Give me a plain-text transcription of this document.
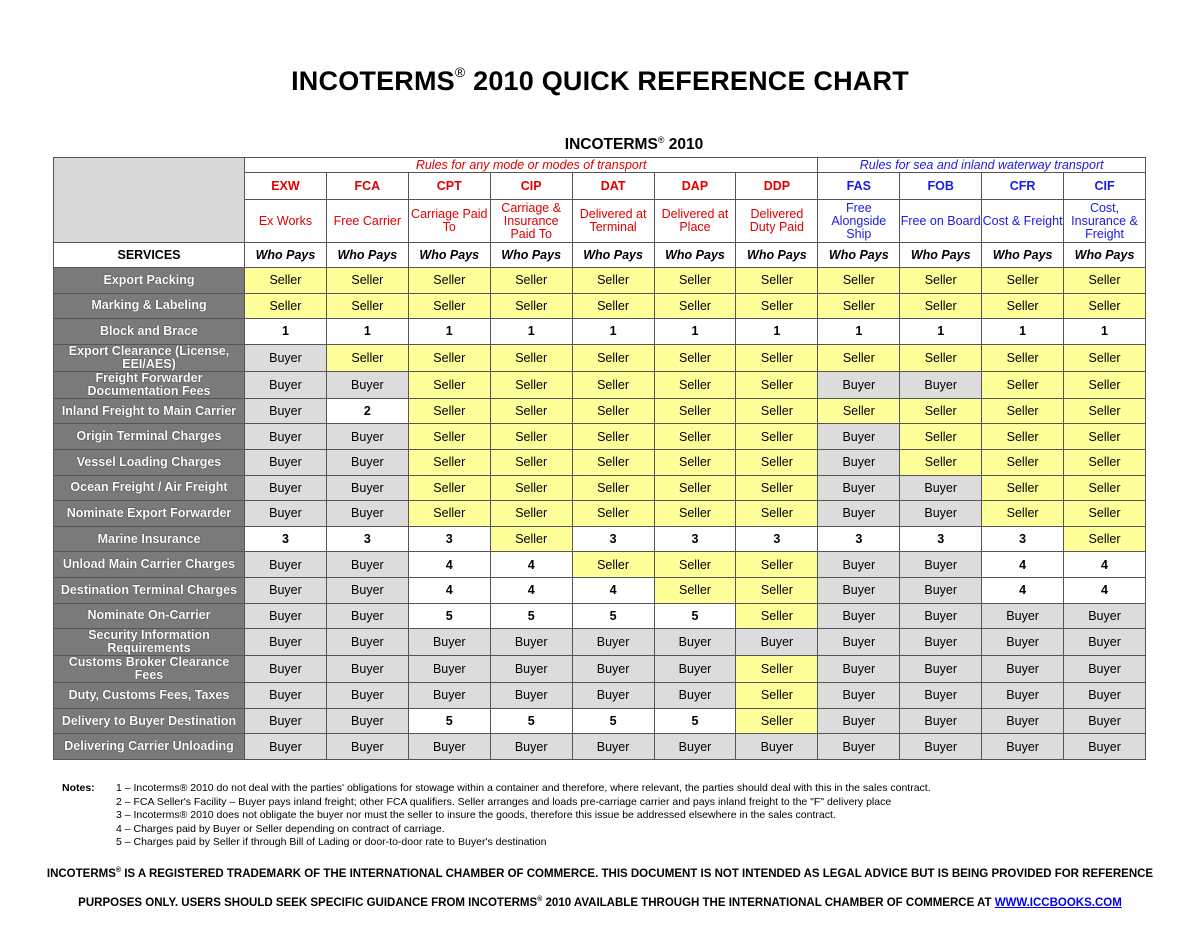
INCOTERMS® 2010 QUICK REFERENCE CHART
INCOTERMS® 2010
	Rules for any mode or modes of transport							Rules for sea and inland waterway transport			
	EXW	FCA	CPT	CIP	DAT	DAP	DDP	FAS	FOB	CFR	CIF
	Ex Works	Free Carrier	Carriage Paid To	Carriage & Insurance Paid To	Delivered at Terminal	Delivered at Place	Delivered Duty Paid	Free Alongside Ship	Free on Board	Cost & Freight	Cost, Insurance & Freight
SERVICES	Who Pays	Who Pays	Who Pays	Who Pays	Who Pays	Who Pays	Who Pays	Who Pays	Who Pays	Who Pays	Who Pays
Export Packing	Seller	Seller	Seller	Seller	Seller	Seller	Seller	Seller	Seller	Seller	Seller
Marking & Labeling	Seller	Seller	Seller	Seller	Seller	Seller	Seller	Seller	Seller	Seller	Seller
Block and Brace	1	1	1	1	1	1	1	1	1	1	1
Export Clearance (License, EEI/AES)	Buyer	Seller	Seller	Seller	Seller	Seller	Seller	Seller	Seller	Seller	Seller
Freight Forwarder Documentation Fees	Buyer	Buyer	Seller	Seller	Seller	Seller	Seller	Buyer	Buyer	Seller	Seller
Inland Freight to Main Carrier	Buyer	2	Seller	Seller	Seller	Seller	Seller	Seller	Seller	Seller	Seller
Origin Terminal Charges	Buyer	Buyer	Seller	Seller	Seller	Seller	Seller	Buyer	Seller	Seller	Seller
Vessel Loading Charges	Buyer	Buyer	Seller	Seller	Seller	Seller	Seller	Buyer	Seller	Seller	Seller
Ocean Freight / Air Freight	Buyer	Buyer	Seller	Seller	Seller	Seller	Seller	Buyer	Buyer	Seller	Seller
Nominate Export Forwarder	Buyer	Buyer	Seller	Seller	Seller	Seller	Seller	Buyer	Buyer	Seller	Seller
Marine Insurance	3	3	3	Seller	3	3	3	3	3	3	Seller
Unload Main Carrier Charges	Buyer	Buyer	4	4	Seller	Seller	Seller	Buyer	Buyer	4	4
Destination Terminal Charges	Buyer	Buyer	4	4	4	Seller	Seller	Buyer	Buyer	4	4
Nominate On-Carrier	Buyer	Buyer	5	5	5	5	Seller	Buyer	Buyer	Buyer	Buyer
Security Information Requirements	Buyer	Buyer	Buyer	Buyer	Buyer	Buyer	Buyer	Buyer	Buyer	Buyer	Buyer
Customs Broker Clearance Fees	Buyer	Buyer	Buyer	Buyer	Buyer	Buyer	Seller	Buyer	Buyer	Buyer	Buyer
Duty, Customs Fees, Taxes	Buyer	Buyer	Buyer	Buyer	Buyer	Buyer	Seller	Buyer	Buyer	Buyer	Buyer
Delivery to Buyer Destination	Buyer	Buyer	5	5	5	5	Seller	Buyer	Buyer	Buyer	Buyer
Delivering Carrier Unloading	Buyer	Buyer	Buyer	Buyer	Buyer	Buyer	Buyer	Buyer	Buyer	Buyer	Buyer
Notes: 1 – Incoterms® 2010 do not deal with the parties' obligations for stowage within a container and therefore, where relevant, the parties should deal with this in the sales contract.
2 – FCA Seller's Facility – Buyer pays inland freight; other FCA qualifiers. Seller arranges and loads pre-carriage carrier and pays inland freight to the "F" delivery place
3 – Incoterms® 2010 does not obligate the buyer nor must the seller to insure the goods, therefore this issue be addressed elsewhere in the sales contract.
4 – Charges paid by Buyer or Seller depending on contract of carriage.
5 – Charges paid by Seller if through Bill of Lading or door-to-door rate to Buyer's destination
INCOTERMS® IS A REGISTERED TRADEMARK OF THE INTERNATIONAL CHAMBER OF COMMERCE. THIS DOCUMENT IS NOT INTENDED AS LEGAL ADVICE BUT IS BEING PROVIDED FOR REFERENCE
PURPOSES ONLY. USERS SHOULD SEEK SPECIFIC GUIDANCE FROM INCOTERMS® 2010 AVAILABLE THROUGH THE INTERNATIONAL CHAMBER OF COMMERCE AT WWW.ICCBOOKS.COM
